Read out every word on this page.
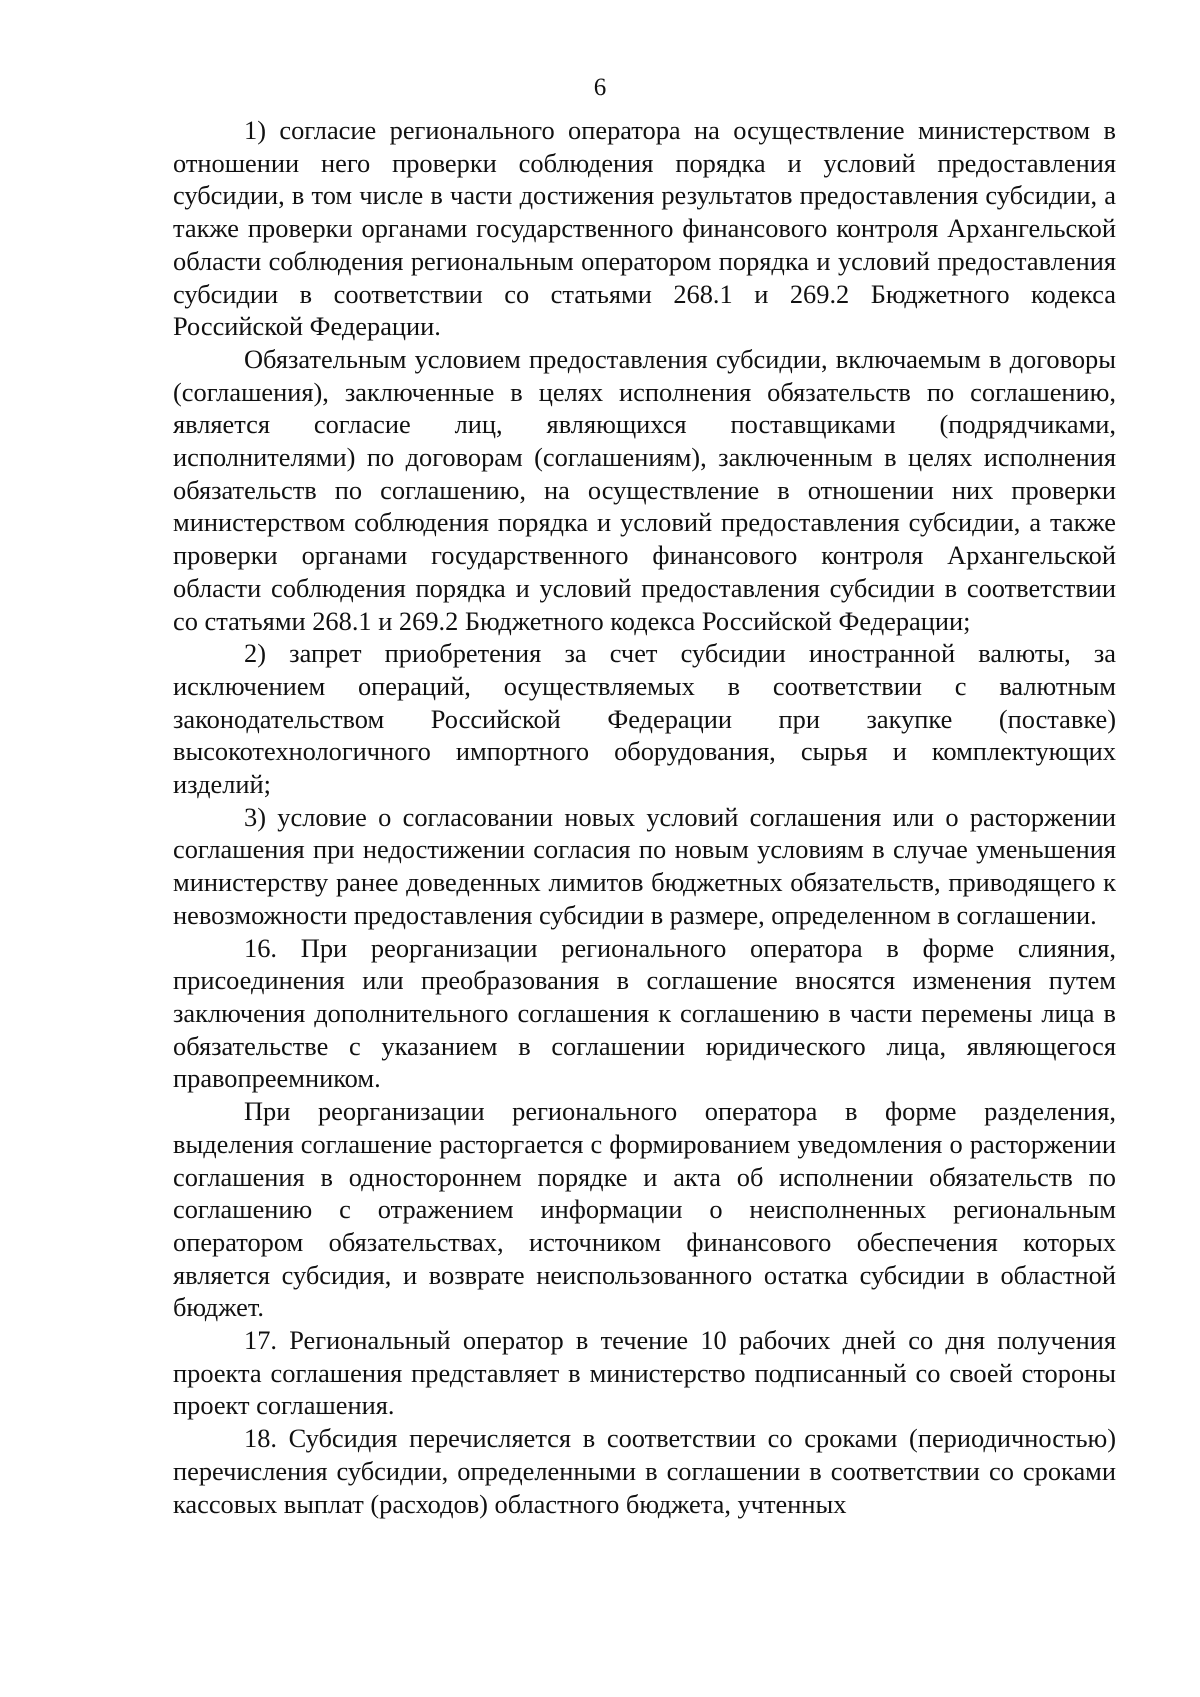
6

1) согласие регионального оператора на осуществление министерством в отношении него проверки соблюдения порядка и условий предоставления субсидии, в том числе в части достижения результатов предоставления субсидии, а также проверки органами государственного финансового контроля Архангельской области соблюдения региональным оператором порядка и условий предоставления субсидии в соответствии со статьями 268.1 и 269.2 Бюджетного кодекса Российской Федерации.

Обязательным условием предоставления субсидии, включаемым в договоры (соглашения), заключенные в целях исполнения обязательств по соглашению, является согласие лиц, являющихся поставщиками (подрядчиками, исполнителями) по договорам (соглашениям), заключенным в целях исполнения обязательств по соглашению, на осуществление в отношении них проверки министерством соблюдения порядка и условий предоставления субсидии, а также проверки органами государственного финансового контроля Архангельской области соблюдения порядка и условий предоставления субсидии в соответствии со статьями 268.1 и 269.2 Бюджетного кодекса Российской Федерации;

2) запрет приобретения за счет субсидии иностранной валюты, за исключением операций, осуществляемых в соответствии с валютным законодательством Российской Федерации при закупке (поставке) высокотехнологичного импортного оборудования, сырья и комплектующих изделий;

3) условие о согласовании новых условий соглашения или о расторжении соглашения при недостижении согласия по новым условиям в случае уменьшения министерству ранее доведенных лимитов бюджетных обязательств, приводящего к невозможности предоставления субсидии в размере, определенном в соглашении.

16. При реорганизации регионального оператора в форме слияния, присоединения или преобразования в соглашение вносятся изменения путем заключения дополнительного соглашения к соглашению в части перемены лица в обязательстве с указанием в соглашении юридического лица, являющегося правопреемником.

При реорганизации регионального оператора в форме разделения, выделения соглашение расторгается с формированием уведомления о расторжении соглашения в одностороннем порядке и акта об исполнении обязательств по соглашению с отражением информации о неисполненных региональным оператором обязательствах, источником финансового обеспечения которых является субсидия, и возврате неиспользованного остатка субсидии в областной бюджет.

17. Региональный оператор в течение 10 рабочих дней со дня получения проекта соглашения представляет в министерство подписанный со своей стороны проект соглашения.

18. Субсидия перечисляется в соответствии со сроками (периодичностью) перечисления субсидии, определенными в соглашении в соответствии со сроками кассовых выплат (расходов) областного бюджета, учтенных
